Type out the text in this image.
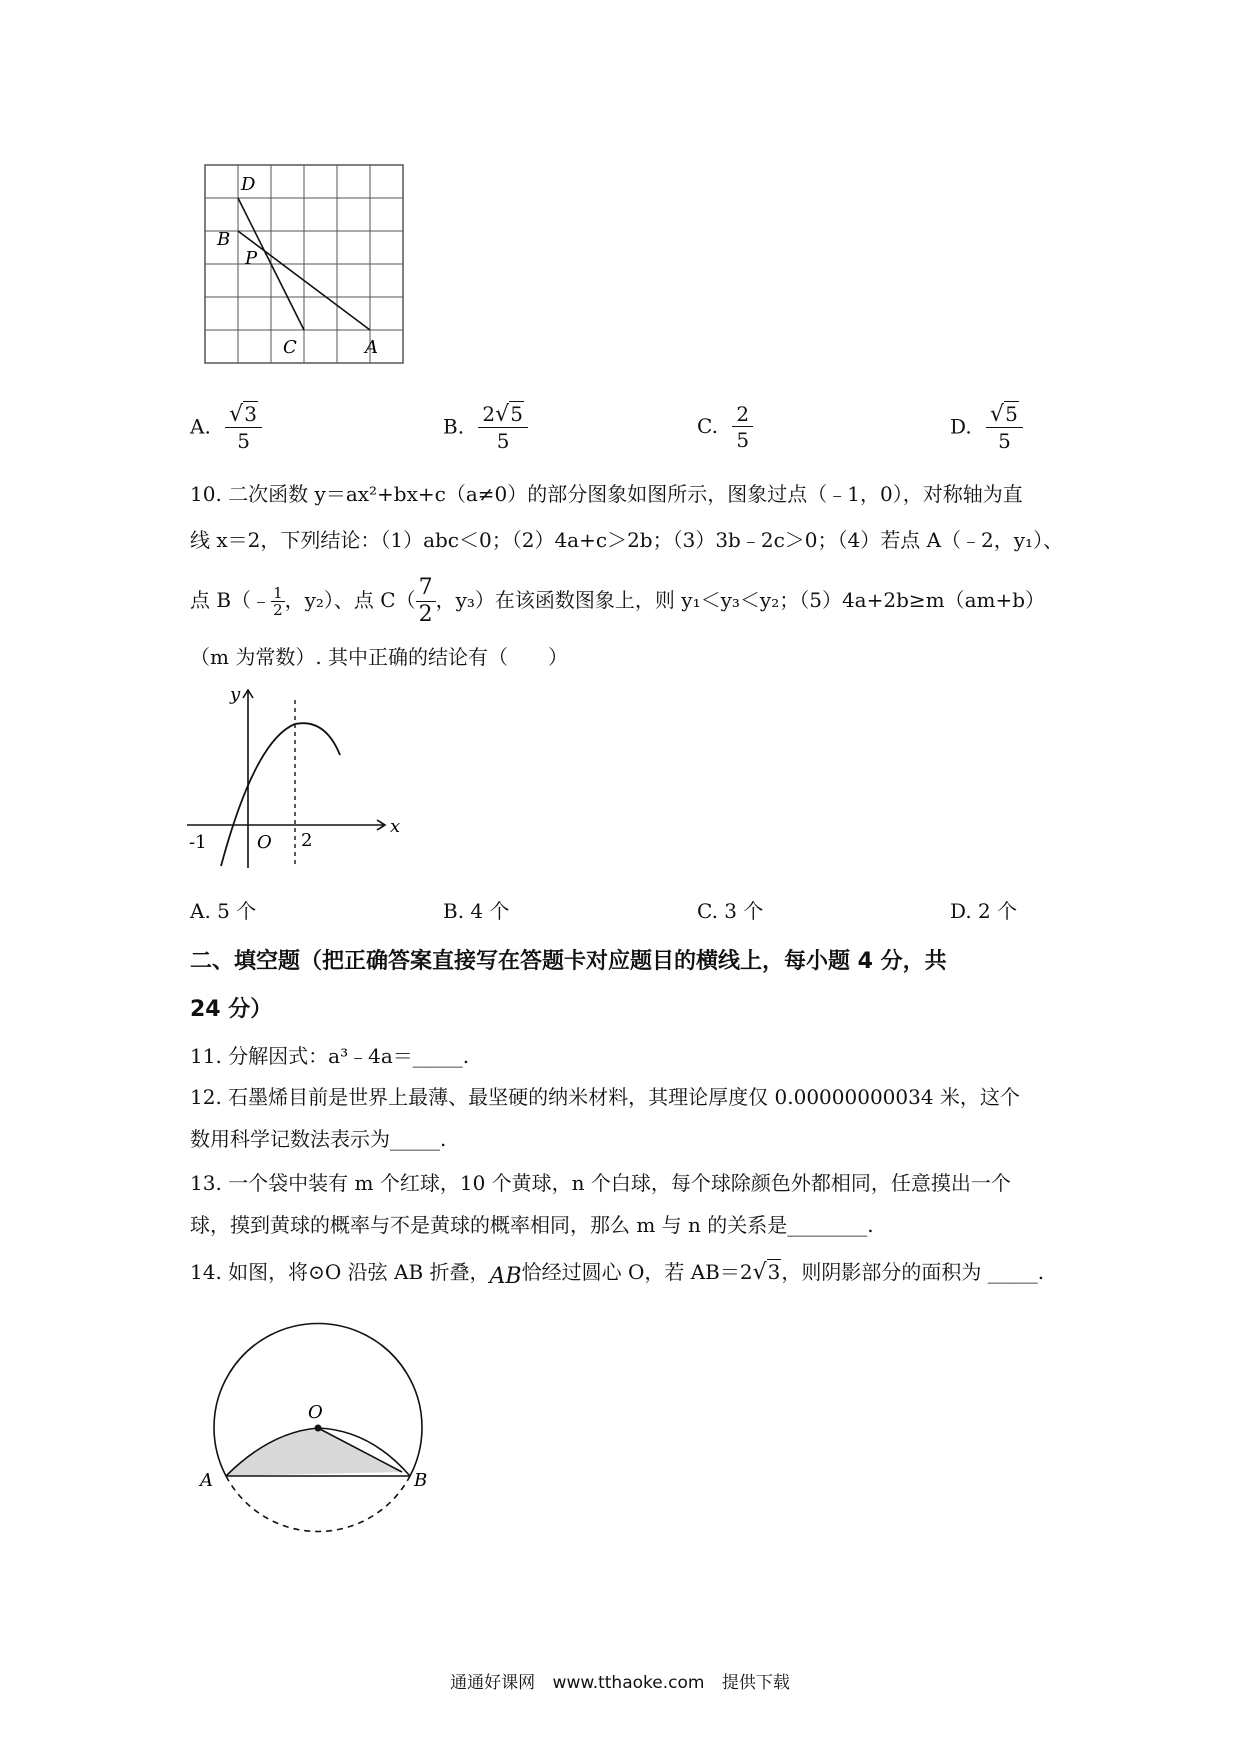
D
B
P
C	A
A. $\frac{√3}{5}$	B. $\frac{2√5}{5}$	C. $\frac{2}{5}$	D. $\frac{√5}{5}$
10. 二次函数 y＝ax²+bx+c（a≠0）的部分图象如图所示，图象过点（﹣1，0），对称轴为直
线 x＝2，下列结论：（1）abc＜0；（2）4a+c＞2b；（3）3b﹣2c＞0；（4）若点 A（﹣2，y₁）、
点 B（﹣ $\frac{1}{2}$ ，y₂）、点 $C( \frac{7}{2}$ ，y₃）在该函数图象上，则 y₁＜y₃＜y₂；（5）4a+2b≥m（am+b）
（m 为常数）. 其中正确的结论有（　　）
y
x
O
-1	2
A. 5 个	B. 4 个	C. 3 个	D. 2 个
二、填空题（把正确答案直接写在答题卡对应题目的横线上，每小题 4 分，共
24 分）
11. 分解因式：a³﹣4a＝_____.
12. 石墨烯目前是世界上最薄、最坚硬的纳米材料，其理论厚度仅 0.00000000034 米，这个
数用科学记数法表示为_____.
13. 一个袋中装有 m 个红球，10 个黄球，n 个白球，每个球除颜色外都相同，任意摸出一个
球，摸到黄球的概率与不是黄球的概率相同，那么 m 与 n 的关系是________.
14. 如图，将⊙O 沿弦 AB 折叠，AB恰经过圆心 O，若 AB＝2√3，则阴影部分的面积为 _____.
O
A	B
通通好课网 www.tthaoke.com 提供下载
